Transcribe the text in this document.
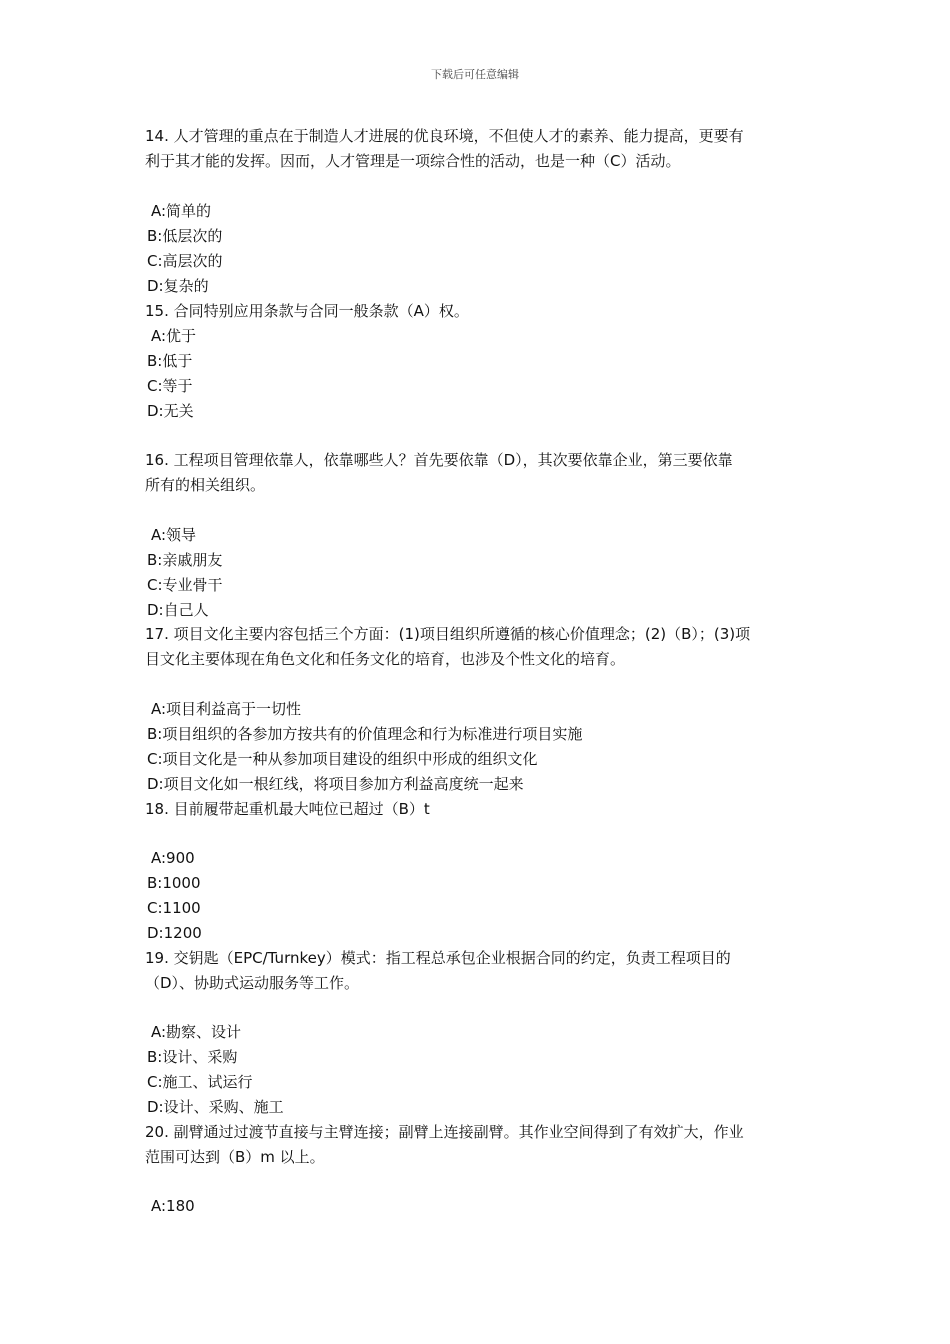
下载后可任意编辑
14. 人才管理的重点在于制造人才进展的优良环境，不但使人才的素养、能力提高，更要有
利于其才能的发挥。因而，人才管理是一项综合性的活动，也是一种（C）活动。
A:简单的
B:低层次的
C:高层次的
D:复杂的
15. 合同特别应用条款与合同一般条款（A）权。
A:优于
B:低于
C:等于
D:无关
16. 工程项目管理依靠人，依靠哪些人？首先要依靠（D），其次要依靠企业，第三要依靠
所有的相关组织。
A:领导
B:亲戚朋友
C:专业骨干
D:自己人
17. 项目文化主要内容包括三个方面：(1)项目组织所遵循的核心价值理念；(2)（B）；(3)项
目文化主要体现在角色文化和任务文化的培育，也涉及个性文化的培育。
A:项目利益高于一切性
B:项目组织的各参加方按共有的价值理念和行为标准进行项目实施
C:项目文化是一种从参加项目建设的组织中形成的组织文化
D:项目文化如一根红线，将项目参加方利益高度统一起来
18. 目前履带起重机最大吨位已超过（B）t
A:900
B:1000
C:1100
D:1200
19. 交钥匙（EPC/Turnkey）模式：指工程总承包企业根据合同的约定，负责工程项目的
（D）、协助式运动服务等工作。
A:勘察、设计
B:设计、采购
C:施工、试运行
D:设计、采购、施工
20. 副臂通过过渡节直接与主臂连接；副臂上连接副臂。其作业空间得到了有效扩大，作业
范围可达到（B）m 以上。
A:180
